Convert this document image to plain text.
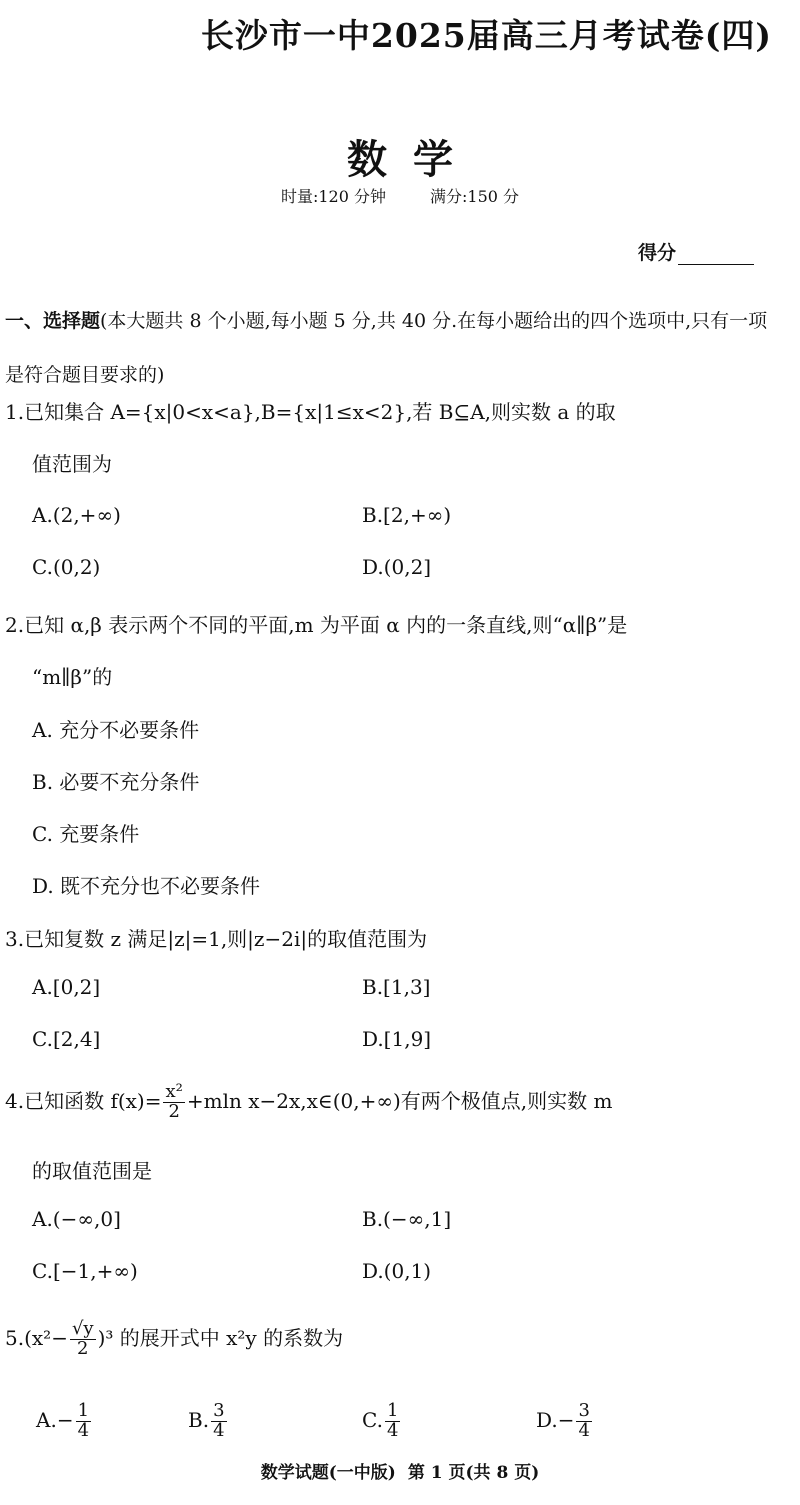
长沙市一中2025届高三月考试卷(四)
数学
时量:120 分钟	满分:150 分
得分
一、选择题(本大题共 8 个小题,每小题 5 分,共 40 分.在每小题给出的四个选项中,只有一项是符合题目要求的)
1.已知集合 A={x|0<x<a},B={x|1≤x<2},若 B⊆A,则实数 a 的取
值范围为
A.(2,+∞)	B.[2,+∞)
C.(0,2)	D.(0,2]
2.已知 α,β 表示两个不同的平面,m 为平面 α 内的一条直线,则“α∥β”是
“m∥β”的
A. 充分不必要条件
B. 必要不充分条件
C. 充要条件
D. 既不充分也不必要条件
3.已知复数 z 满足|z|=1,则|z−2i|的取值范围为
A.[0,2]	B.[1,3]
C.[2,4]	D.[1,9]
4.已知函数 $f(x)= \frac{\text{x²}}{2} +mln$ x−2x,x∈(0,+∞)有两个极值点,则实数 m
的取值范围是
A.(−∞,0]	B.(−∞,1]
C.[−1,+∞)	D.(0,1)
$5.(x^2- \frac{√y}{2} )^3$ 的展开式中 x²y 的系数为
$A.- \frac{1}{4}$	B. $\frac{3}{4}$	C. $\frac{1}{4}$	$D.- \frac{3}{4}$
数学试题(一中版) 第 1 页(共 8 页)
